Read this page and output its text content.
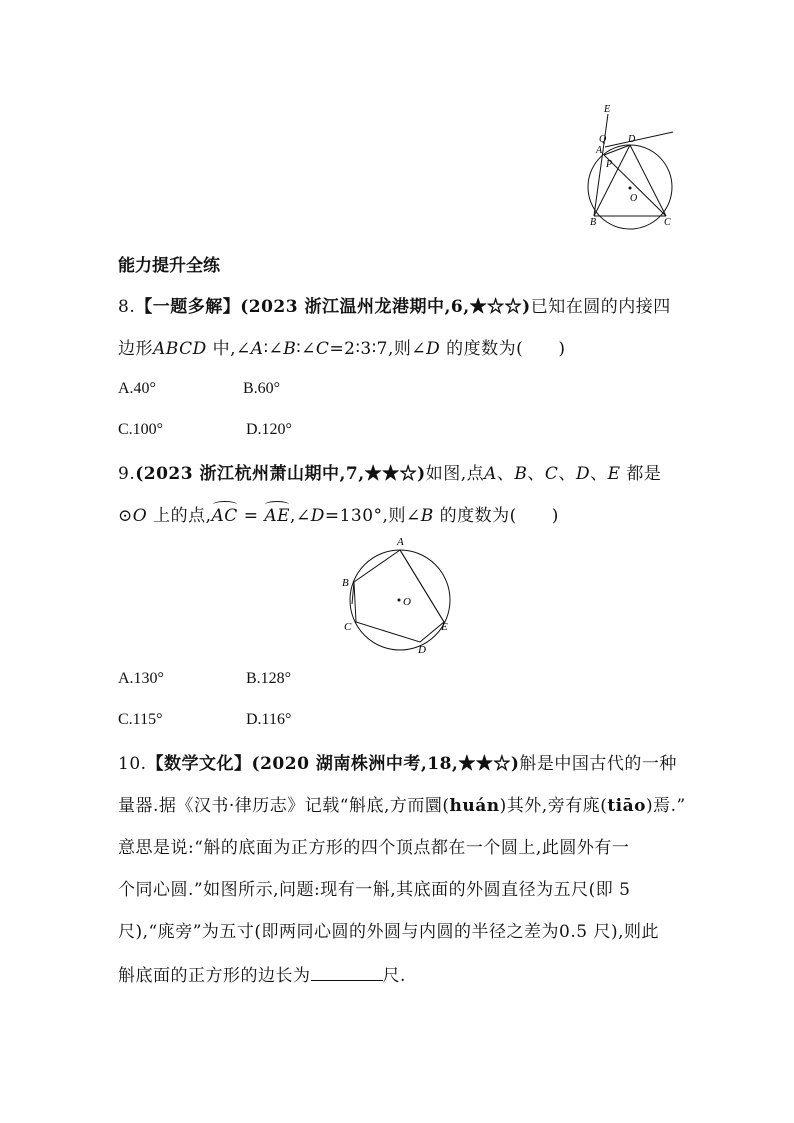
E
Q D
A
P
O
B	C
能力提升全练
8.【一题多解】(2023 浙江温州龙港期中,6,★☆☆)已知在圆的内接四
边形ABCD 中,∠A∶∠B∶∠C=2∶3∶7,则∠D 的度数为(　　)
A.40°	B.60°
C.100°	D.120°
9.(2023 浙江杭州萧山期中,7,★★☆)如图,点A、B、C、D、E 都是
⊙O 上的点,AC = AE,∠D=130°,则∠B 的度数为(　　)
A
B
C
D
E
O
A.130°	B.128°
C.115°	D.116°
10.【数学文化】(2020 湖南株洲中考,18,★★☆)斛是中国古代的一种
量器.据《汉书·律历志》记载“斛底,方而圜(huán)其外,旁有庣(tiāo)焉.”
意思是说:“斛的底面为正方形的四个顶点都在一个圆上,此圆外有一
个同心圆.”如图所示,问题:现有一斛,其底面的外圆直径为五尺(即 5
尺),“庣旁”为五寸(即两同心圆的外圆与内圆的半径之差为0.5 尺),则此
斛底面的正方形的边长为	尺.
